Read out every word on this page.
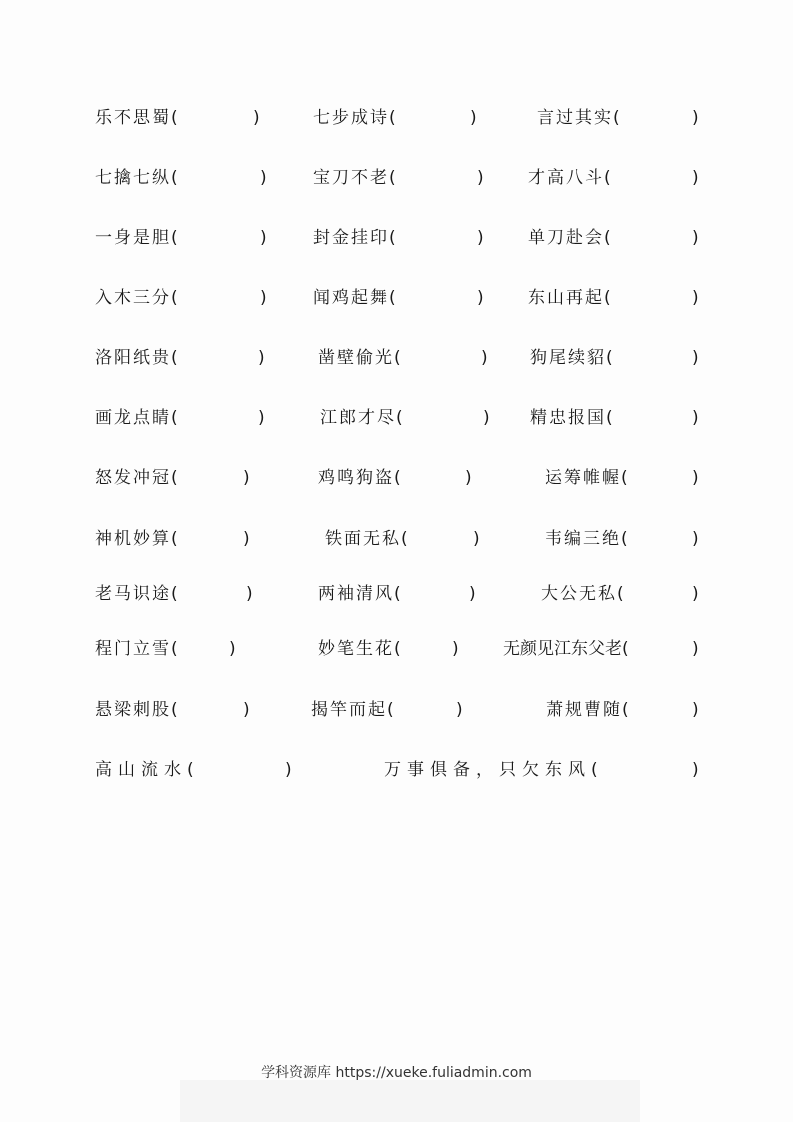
乐不思蜀(	)	七步成诗(	)	言过其实(	)
七擒七纵(	)	宝刀不老(	)	才高八斗(	)
一身是胆(	)	封金挂印(	)	单刀赴会(	)
入木三分(	)	闻鸡起舞(	)	东山再起(	)
洛阳纸贵(	)	凿壁偷光(	) 狗尾续貂(	)
画龙点睛(	)	江郎才尽(	) 精忠报国(	)
怒发冲冠(	)	鸡鸣狗盗(	)	运筹帷幄(	)
神机妙算(	)	铁面无私(	)	韦编三绝(	)
老马识途(	)	两袖清风(	)	大公无私(	)
程门立雪(	)	妙笔生花(	)	无颜见江东父老(	)
悬梁刺股(	)	揭竿而起(	)	萧规曹随(	)
高山流水(	)	万事俱备，只欠东风(	)
学科资源库 https://xueke.fuliadmin.com
